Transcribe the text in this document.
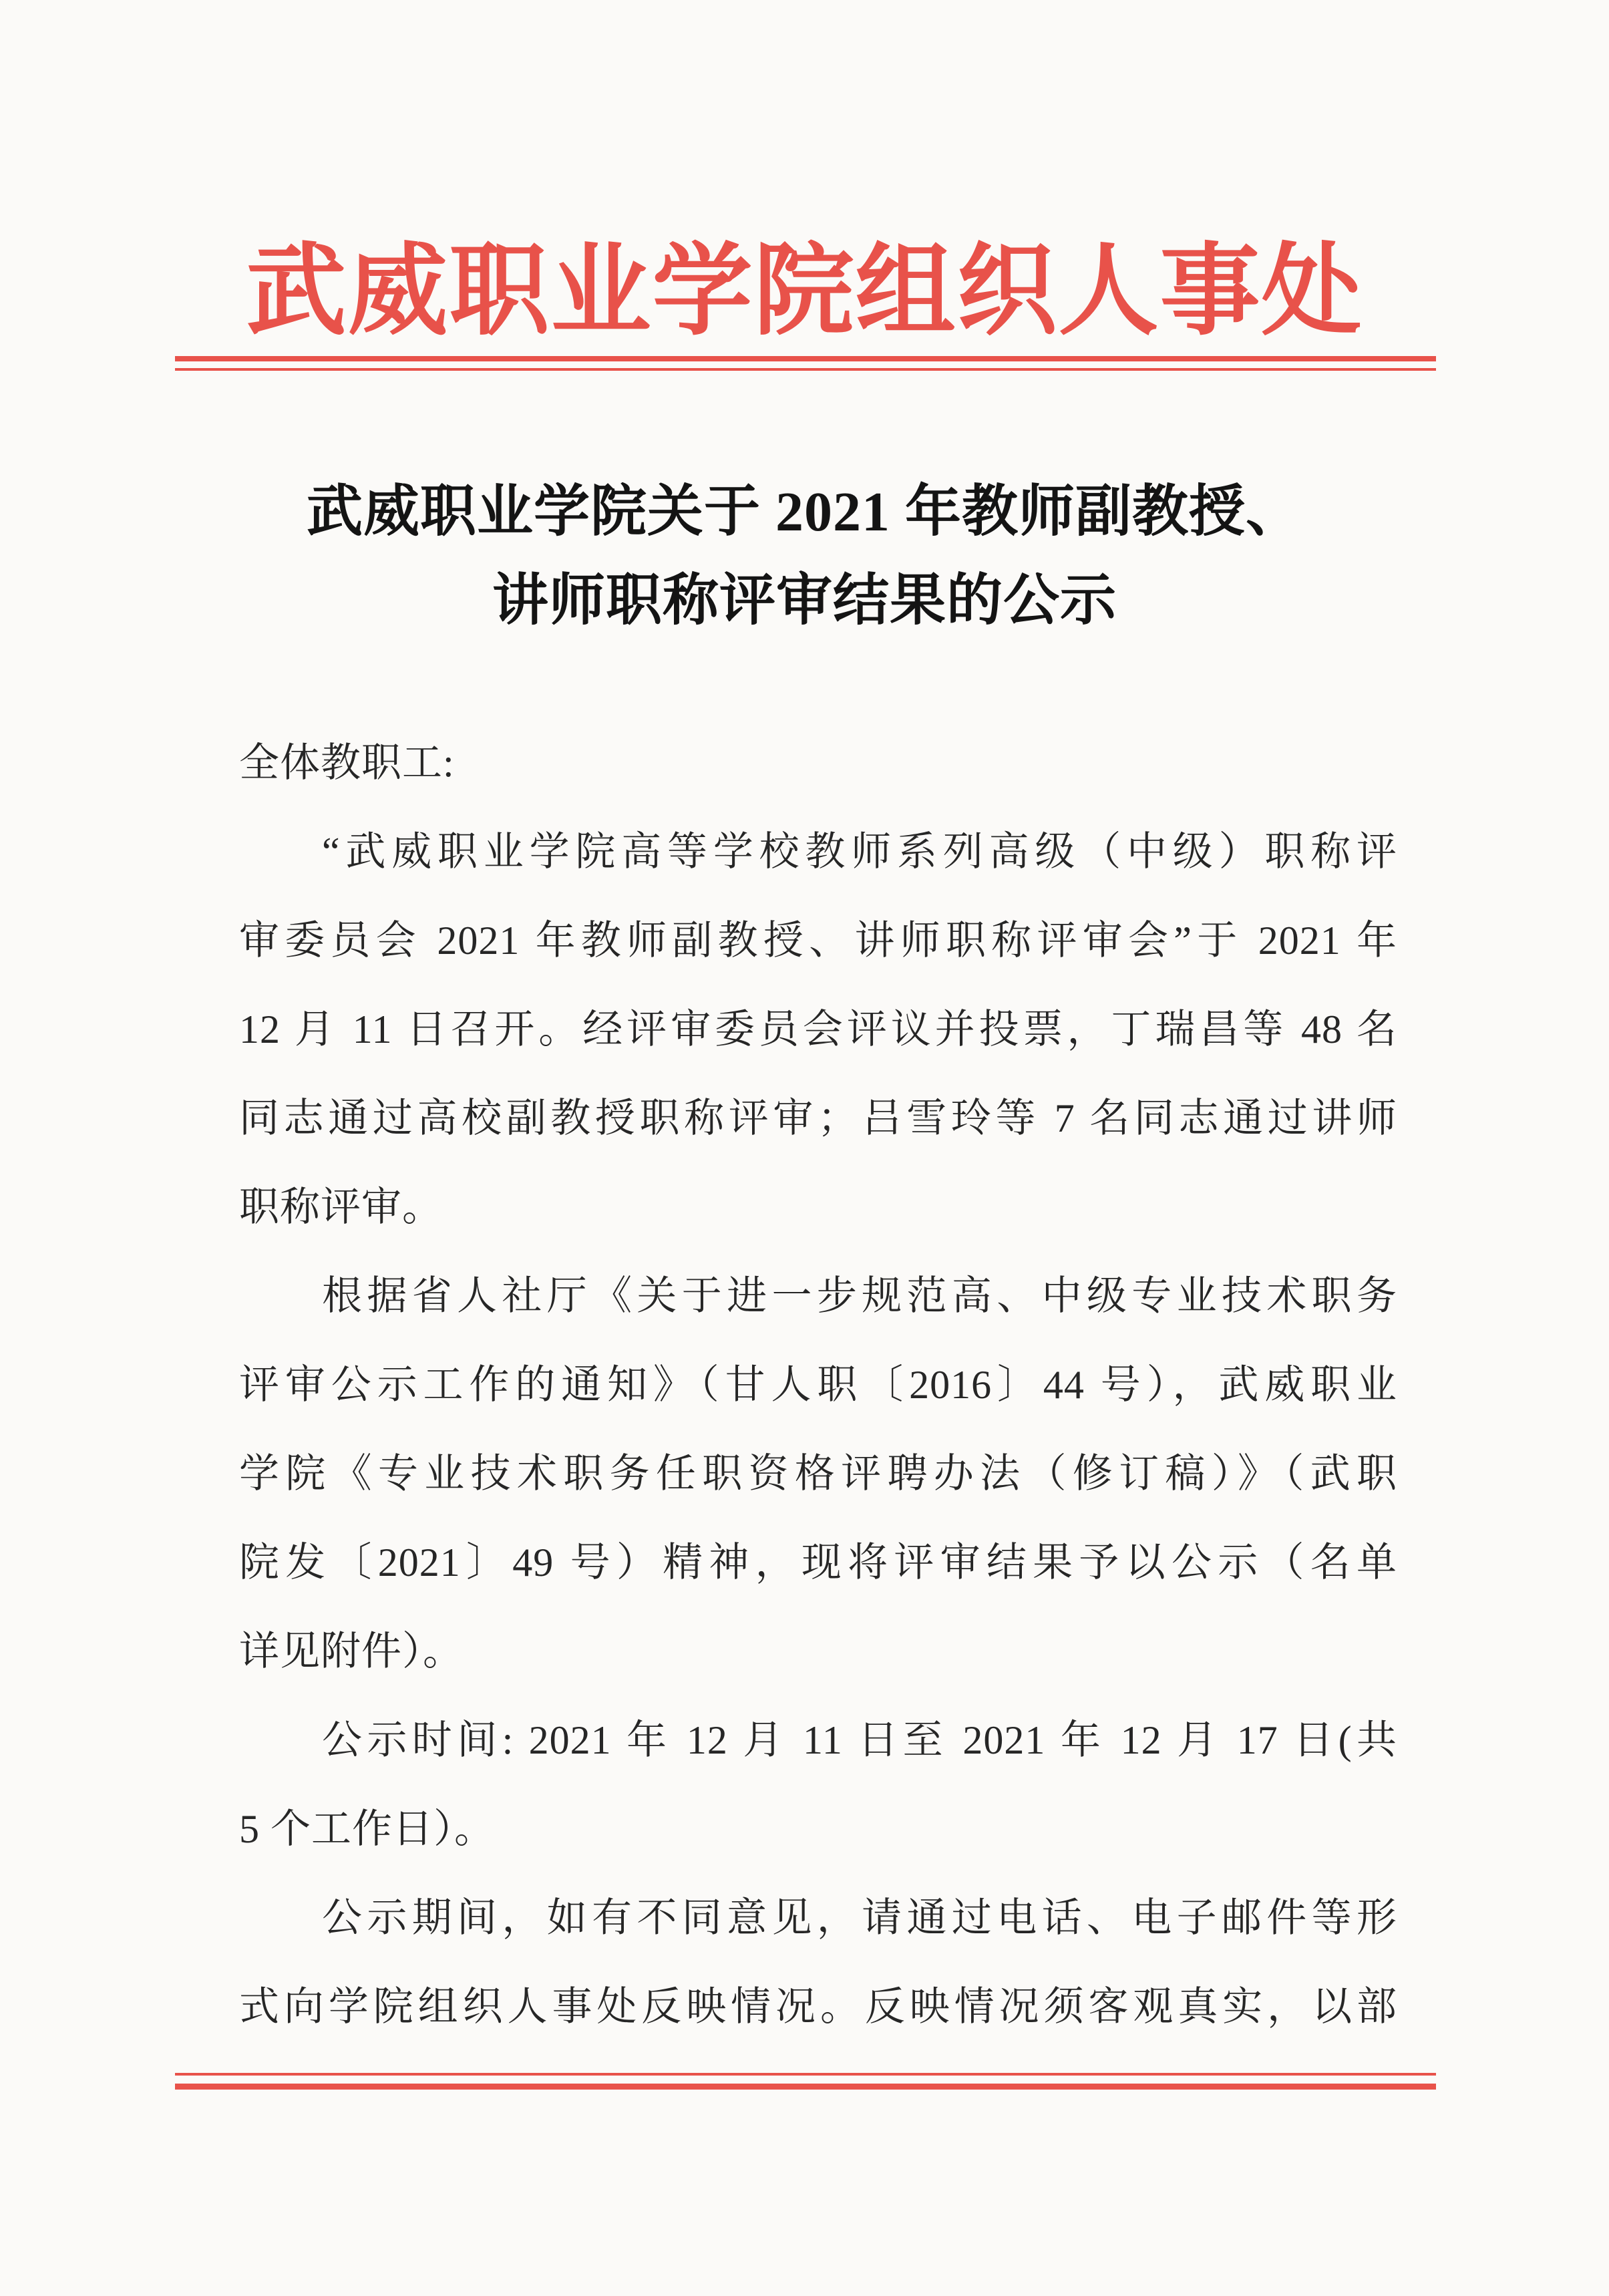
武威职业学院组织人事处
武威职业学院关于 2021 年教师副教授、
讲师职称评审结果的公示
全体教职工:
“武威职业学院高等学校教师系列高级（中级）职称评
审委员会 2021 年教师副教授、讲师职称评审会”于 2021 年
12 月 11 日召开。经评审委员会评议并投票，丁瑞昌等 48 名
同志通过高校副教授职称评审；吕雪玲等 7 名同志通过讲师
职称评审。
根据省人社厅《关于进一步规范高、中级专业技术职务
评审公示工作的通知》（甘人职〔2016〕44 号），武威职业
学院《专业技术职务任职资格评聘办法（修订稿）》（武职
院发〔2021〕49 号）精神，现将评审结果予以公示（名单
详见附件）。
公示时间: 2021 年 12 月 11 日至 2021 年 12 月 17 日(共
5 个工作日）。
公示期间，如有不同意见，请通过电话、电子邮件等形
式向学院组织人事处反映情况。反映情况须客观真实，以部
